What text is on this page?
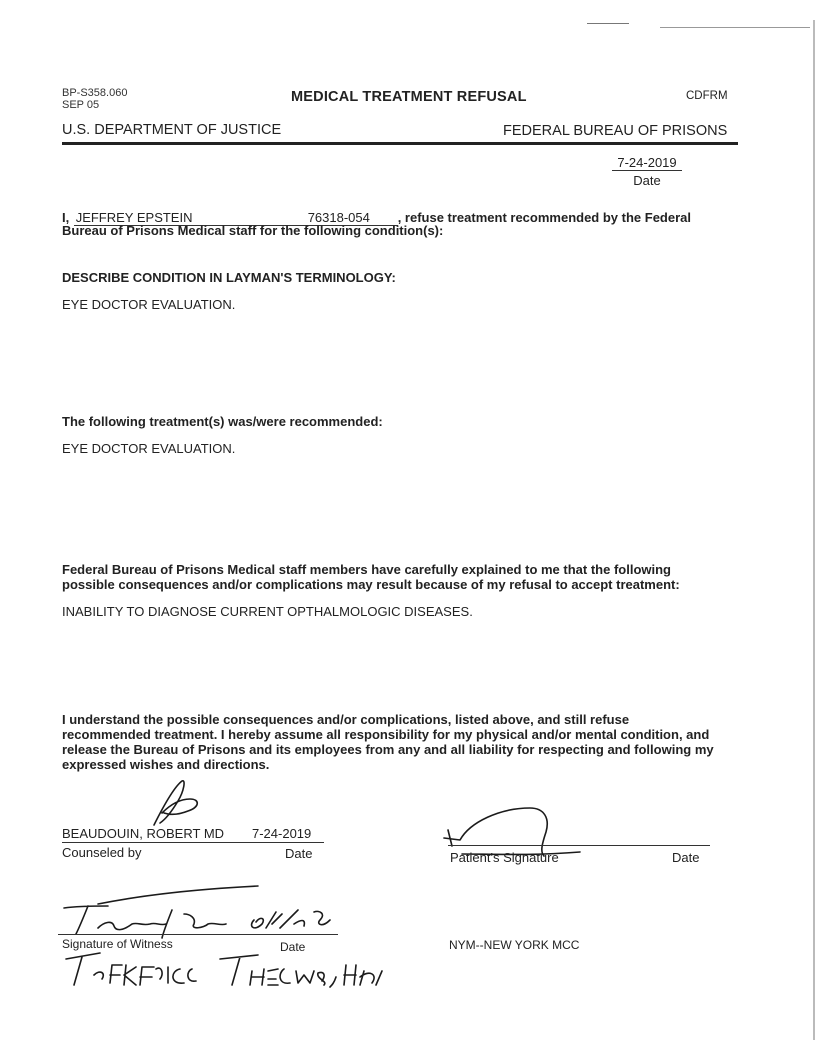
BP-S358.060
SEP 05	MEDICAL TREATMENT REFUSAL	CDFRM
U.S. DEPARTMENT OF JUSTICE	FEDERAL BUREAU OF PRISONS
7-24-2019
Date
I, JEFFREY EPSTEIN	76318-054 , refuse treatment recommended by the Federal
Bureau of Prisons Medical staff for the following condition(s):
DESCRIBE CONDITION IN LAYMAN'S TERMINOLOGY:
EYE DOCTOR EVALUATION.
The following treatment(s) was/were recommended:
EYE DOCTOR EVALUATION.
Federal Bureau of Prisons Medical staff members have carefully explained to me that the following
possible consequences and/or complications may result because of my refusal to accept treatment:
INABILITY TO DIAGNOSE CURRENT OPTHALMOLOGIC DISEASES.
I understand the possible consequences and/or complications, listed above, and still refuse
recommended treatment. I hereby assume all responsibility for my physical and/or mental condition, and
release the Bureau of Prisons and its employees from any and all liability for respecting and following my
expressed wishes and directions.
BEAUDOUIN, ROBERT MD 7-24-2019
Counseled by	Date	Patient's Signature	Date
Signature of Witness	Date	NYM--NEW YORK MCC
